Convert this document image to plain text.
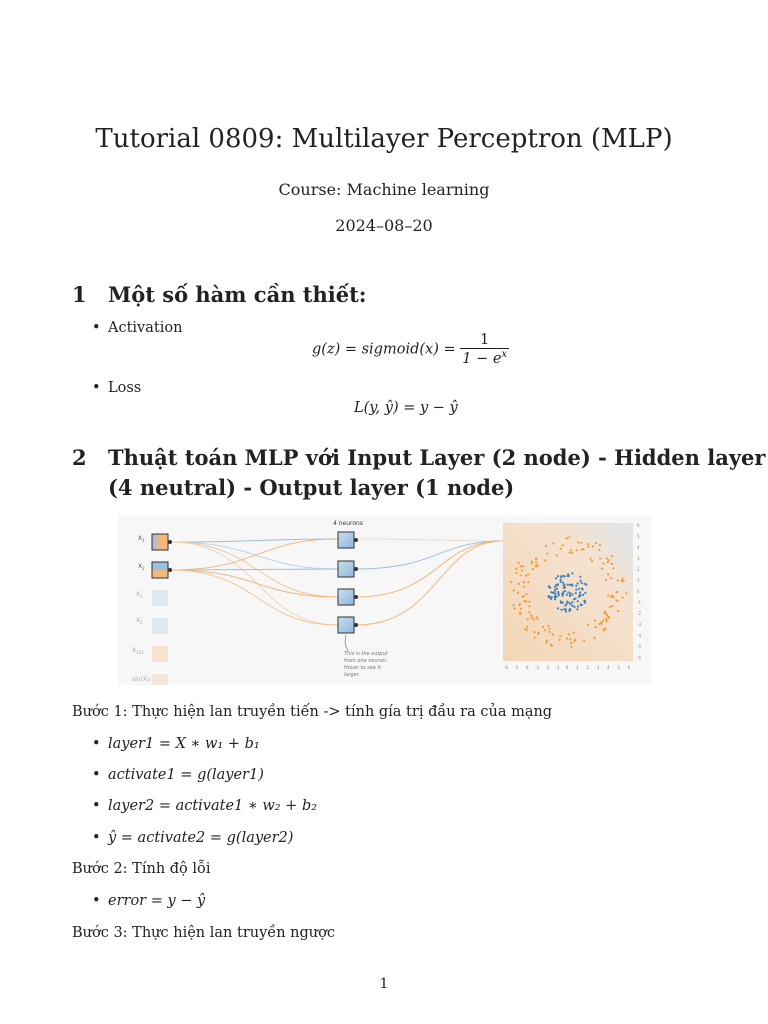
Tutorial 0809: Multilayer Perceptron (MLP)
Course: Machine learning
2024–08–20
1 Một số hàm cần thiết:
• Activation
g(z) = sigmoid(x) = $\frac{1}{1 - e^x}$
• Loss
L(y, ŷ) = y − ŷ
2 Thuật toán MLP với Input Layer (2 node) - Hidden layer
(4 neutral) - Output layer (1 node)
$X_1$
$X_2$
$X_1$
$X_2$
$X_{1X2}$
sin(X1)
4 neurons
This is the output
from one neuron.
Hover to see it
larger.
-6 -5 -4 -3 -2 -1 0 1 2 3 4 5 6
6
5
4
3
2
1
0
-1
-2
-3
-4
-5
-6
Bước 1: Thực hiện lan truyền tiến -> tính gía trị đầu ra của mạng
• layer1 = X ∗ w₁ + b₁
• activate1 = g(layer1)
• layer2 = activate1 ∗ w₂ + b₂
• ŷ = activate2 = g(layer2)
Bước 2: Tính độ lỗi
• error = y − ŷ
Bước 3: Thực hiện lan truyền ngược
1
